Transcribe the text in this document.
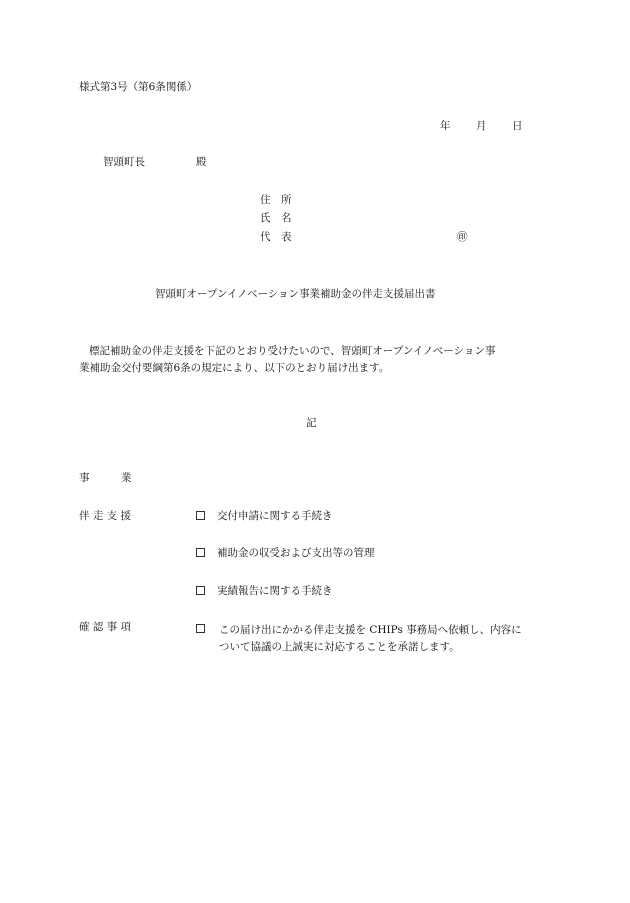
様式第3号（第6条関係）
年 月 日
智頭町長	殿
住　所
氏　名
代　表	㊞
智頭町オープンイノベーション事業補助金の伴走支援届出書
標記補助金の伴走支援を下記のとおり受けたいので、智頭町オープンイノベーション事
業補助金交付要綱第6条の規定により、以下のとおり届け出ます。
記
事　　　業
伴 走 支 援	交付申請に関する手続き
補助金の収受および支出等の管理
実績報告に関する手続き
確 認 事 項	この届け出にかかる伴走支援を CHIPs 事務局へ依頼し、内容に
ついて協議の上誠実に対応することを承諾します。
